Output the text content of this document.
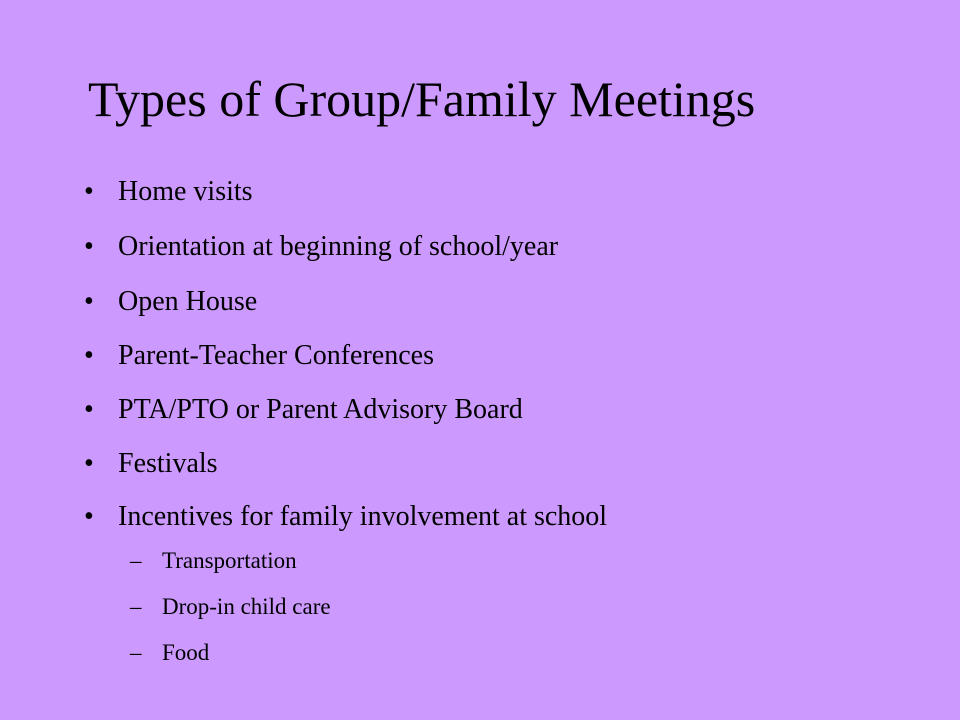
Types of Group/Family Meetings
• Home visits
• Orientation at beginning of school/year
• Open House
• Parent-Teacher Conferences
• PTA/PTO or Parent Advisory Board
• Festivals
• Incentives for family involvement at school
– Transportation
– Drop-in child care
– Food
